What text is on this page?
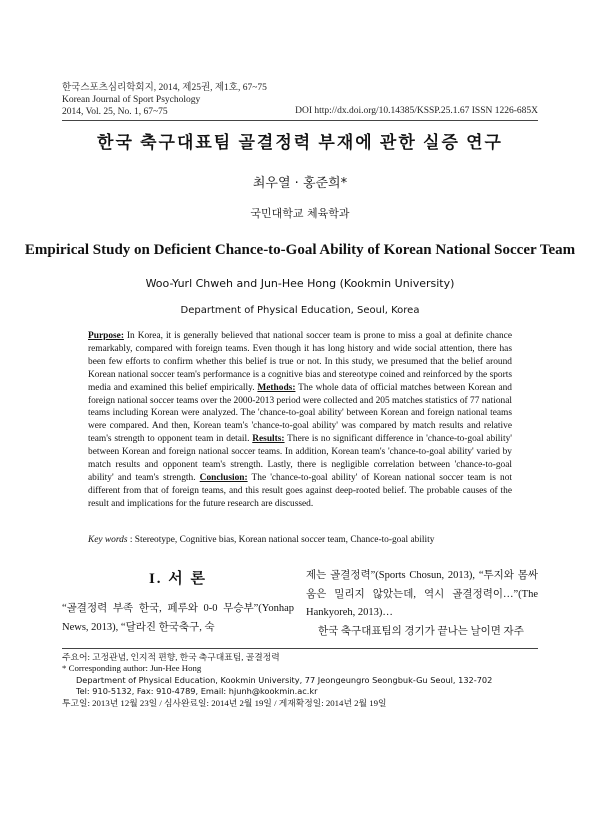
한국스포츠심리학회지, 2014, 제25권, 제1호, 67~75
Korean Journal of Sport Psychology
2014, Vol. 25, No. 1, 67~75	DOI http://dx.doi.org/10.14385/KSSP.25.1.67 ISSN 1226-685X
한국 축구대표팀 골결정력 부재에 관한 실증 연구
최우열 · 홍준희*
국민대학교 체육학과
Empirical Study on Deficient Chance-to-Goal Ability of Korean National Soccer Team
Woo-Yurl Chweh and Jun-Hee Hong (Kookmin University)
Department of Physical Education, Seoul, Korea
Purpose: In Korea, it is generally believed that national soccer team is prone to miss a goal at definite chance remarkably, compared with foreign teams. Even though it has long history and wide social attention, there has been few efforts to confirm whether this belief is true or not. In this study, we presumed that the belief around Korean national soccer team's performance is a cognitive bias and stereotype coined and reinforced by the sports media and examined this belief empirically. Methods: The whole data of official matches between Korean and foreign national soccer teams over the 2000-2013 period were collected and 205 matches statistics of 77 national teams including Korean were analyzed. The 'chance-to-goal ability' between Korean and foreign national teams were compared. And then, Korean team's 'chance-to-goal ability' was compared by match results and relative team's strength to opponent team in detail. Results: There is no significant difference in 'chance-to-goal ability' between Korean and foreign national soccer teams. In addition, Korean team's 'chance-to-goal ability' varied by match results and opponent team's strength. Lastly, there is negligible correlation between 'chance-to-goal ability' and team's strength. Conclusion: The 'chance-to-goal ability' of Korean national soccer team is not different from that of foreign teams, and this result goes against deep-rooted belief. The probable causes of the result and implications for the future research are discussed.
Key words : Stereotype, Cognitive bias, Korean national soccer team, Chance-to-goal ability
I. 서 론
“골결정력 부족 한국, 페루와 0-0 무승부”(Yonhap News, 2013), “달라진 한국축구, 숙
제는 골결정력”(Sports Chosun, 2013), “투지와 몸싸움은 밀리지 않았는데, 역시 골결정력이…”(The Hankyoreh, 2013)…
한국 축구대표팀의 경기가 끝나는 날이면 자주
주요어: 고정관념, 인지적 편향, 한국 축구대표팀, 골결정력
* Corresponding author: Jun-Hee Hong
Department of Physical Education, Kookmin University, 77 Jeongeungro Seongbuk-Gu Seoul, 132-702
Tel: 910-5132, Fax: 910-4789, Email: hjunh@kookmin.ac.kr
투고일: 2013년 12월 23일 / 심사완료일: 2014년 2월 19일 / 게재확정일: 2014년 2월 19일
